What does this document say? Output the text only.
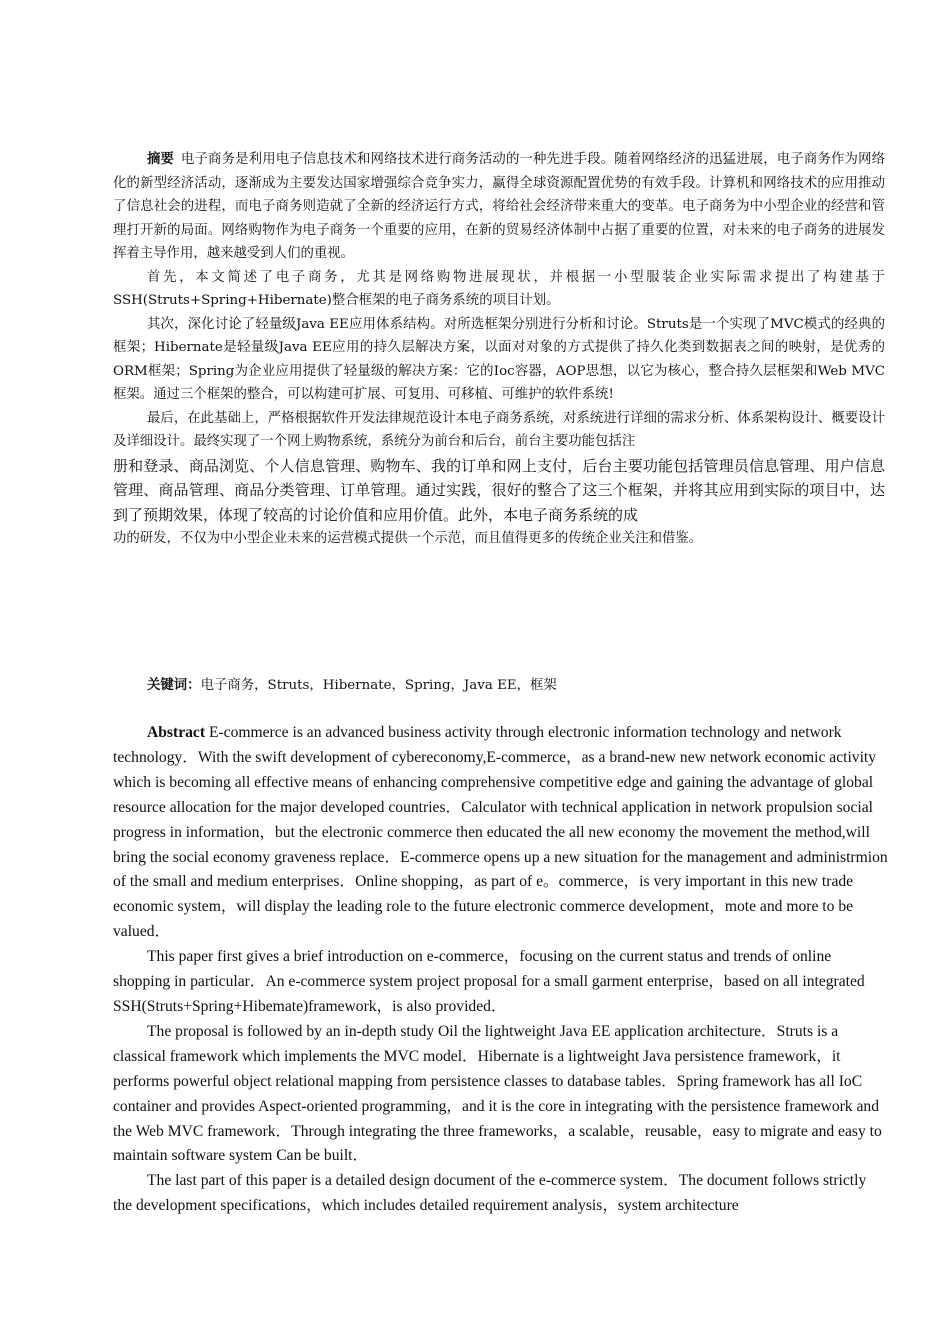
摘要  电子商务是利用电子信息技术和网络技术进行商务活动的一种先进手段。随着网络经济的迅猛进展，电子商务作为网络化的新型经济活动，逐渐成为主要发达国家增强综合竞争实力，赢得全球资源配置优势的有效手段。计算机和网络技术的应用推动了信息社会的进程，而电子商务则造就了全新的经济运行方式，将给社会经济带来重大的变革。电子商务为中小型企业的经营和管理打开新的局面。网络购物作为电子商务一个重要的应用，在新的贸易经济体制中占据了重要的位置，对未来的电子商务的进展发挥着主导作用，越来越受到人们的重视。

首先，本文简述了电子商务，尤其是网络购物进展现状，并根据一小型服装企业实际需求提出了构建基于SSH(Struts+Spring+Hibernate)整合框架的电子商务系统的项目计划。

其次，深化讨论了轻量级Java EE应用体系结构。对所选框架分别进行分析和讨论。Struts是一个实现了MVC模式的经典的框架；Hibernate是轻量级Java EE应用的持久层解决方案，以面对对象的方式提供了持久化类到数据表之间的映射，是优秀的ORM框架；Spring为企业应用提供了轻量级的解决方案：它的Ioc容器，AOP思想，以它为核心，整合持久层框架和Web MVC框架。通过三个框架的整合，可以构建可扩展、可复用、可移植、可维护的软件系统!

最后，在此基础上，严格根据软件开发法律规范设计本电子商务系统，对系统进行详细的需求分析、体系架构设计、概要设计及详细设计。最终实现了一个网上购物系统，系统分为前台和后台，前台主要功能包括注

册和登录、商品浏览、个人信息管理、购物车、我的订单和网上支付，后台主要功能包括管理员信息管理、用户信息管理、商品管理、商品分类管理、订单管理。通过实践，很好的整合了这三个框架，并将其应用到实际的项目中，达到了预期效果，体现了较高的讨论价值和应用价值。此外，本电子商务系统的成

功的研发，不仅为中小型企业未来的运营模式提供一个示范，而且值得更多的传统企业关注和借鉴。

关键词：电子商务，Struts，Hibernate，Spring，Java EE，框架

Abstract E-commerce is an advanced business activity through electronic information technology and network technology．With the swift development of cybereconomy,E-commerce，as a brand-new new network economic activity which is becoming all effective means of enhancing comprehensive competitive edge and gaining the advantage of global resource allocation for the major developed countries．Calculator with technical application in network propulsion social progress in information，but the electronic commerce then educated the all new economy the movement the method,will bring the social economy graveness replace．E-commerce opens up a new situation for the management and administrmion of the small and medium enterprises．Online shopping，as part of e。commerce，is very important in this new trade economic system，will display the leading role to the future electronic commerce development，mote and more to be valued．

This paper first gives a brief introduction on e-commerce，focusing on the current status and trends of online shopping in particular．An e-commerce system project proposal for a small garment enterprise，based on all integrated SSH(Struts+Spring+Hibemate)framework，is also provided．

The proposal is followed by an in-depth study Oil the lightweight Java EE application architecture．Struts is a classical framework which implements the MVC model．Hibernate is a lightweight Java persistence framework，it performs powerful object relational mapping from persistence classes to database tables．Spring framework has all IoC container and provides Aspect-oriented programming，and it is the core in integrating with the persistence framework and the Web MVC framework．Through integrating the three frameworks，a scalable，reusable，easy to migrate and easy to maintain software system Can be built．

The last part of this paper is a detailed design document of the e-commerce system．The document follows strictly the development specifications，which includes detailed requirement analysis，system architecture
